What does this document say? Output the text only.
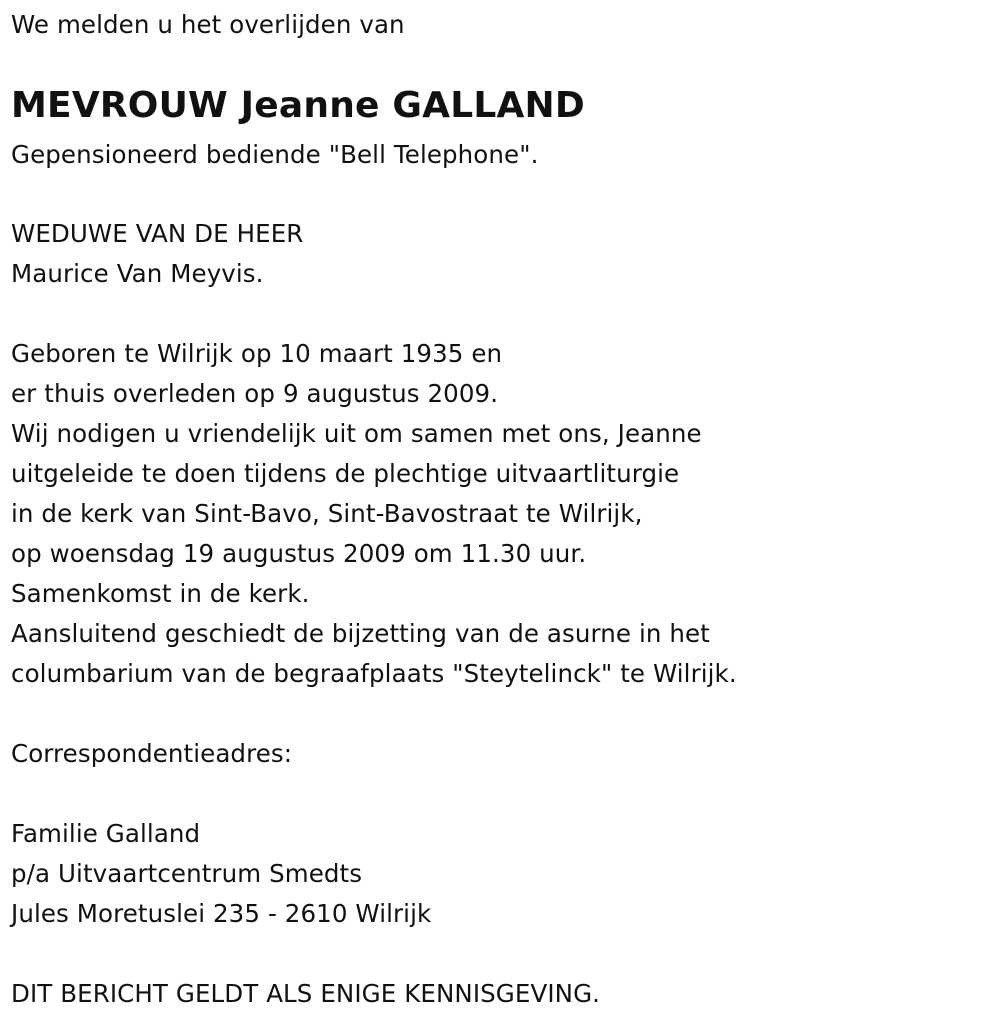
We melden u het overlijden van
MEVROUW Jeanne GALLAND
Gepensioneerd bediende "Bell Telephone".
WEDUWE VAN DE HEER
Maurice Van Meyvis.
Geboren te Wilrijk op 10 maart 1935 en
er thuis overleden op 9 augustus 2009.
Wij nodigen u vriendelijk uit om samen met ons, Jeanne
uitgeleide te doen tijdens de plechtige uitvaartliturgie
in de kerk van Sint-Bavo, Sint-Bavostraat te Wilrijk,
op woensdag 19 augustus 2009 om 11.30 uur.
Samenkomst in de kerk.
Aansluitend geschiedt de bijzetting van de asurne in het
columbarium van de begraafplaats "Steytelinck" te Wilrijk.
Correspondentieadres:
Familie Galland
p/a Uitvaartcentrum Smedts
Jules Moretuslei 235 - 2610 Wilrijk
DIT BERICHT GELDT ALS ENIGE KENNISGEVING.
